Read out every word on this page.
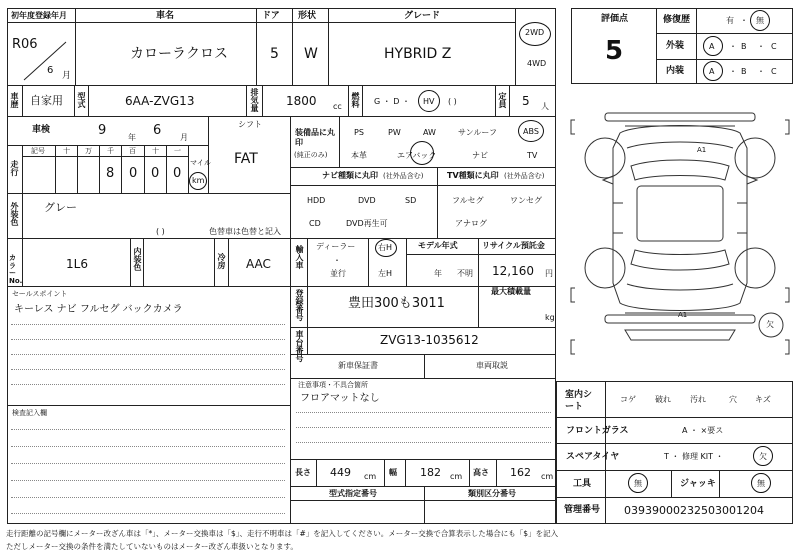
初年度登録年月	車名	ドア 形状	グレード
R06
6 月
カローラクロス	5 W	HYBRID Z
2WD
4WD
車歴 自家用 型式	6AA-ZVG13	排気量 1800 cc 燃料 G ・ D ・ HV ( )	定員 5 人
車検	9	年 6 月
シフト
FAT
走行
記号	十 万 千 百 十 一
8 0 0 0
マイル
km
装備品に丸印
(純正のみ)
PS	PW	AW	サンルーフ	ABS
本革	エアバック	ナビ	TV
ナビ種類に丸印 (社外品含む)
HDD	DVD	SD
CD	DVD再生可
TV種類に丸印 (社外品含む)
フルセグ	ワンセグ
アナログ
外装色 グレー
( )	色替車は色替と記入
輸入車 ディーラー
・
並行
右H
左H
モデル年式
年 不明
リサイクル預託金
12,160 円
カラーNo.
1L6	内装色	冷房 AAC
登録番号	豊田300も3011
最大積載量
kg
セールスポイント
キーレス ナビ フルセグ バックカメラ
車台番号	ZVG13-1035612
新車保証書	車両取説
注意事項・不具合箇所
フロアマットなし
検査記入欄
長さ 449 cm 幅 182 cm 高さ 162 cm
型式指定番号	類別区分番号
評価点
5
修復歴	有 ・ 無
外装	A	B	C
・	・
内装	A	B	C
・	・
A1
A1
欠
室内シート
コゲ 破れ 汚れ	穴 キズ
フロントガラス	A ・ ×要ス
スペアタイヤ	T ・ 修理 KIT ・	欠
工具	無	ジャッキ	無
管理番号 03939000232503001204
走行距離の記号欄にメーター改ざん車は「*」、メーター交換車は「$」、走行不明車は「#」を記入してください。メーター交換で合算表示した場合にも「$」を記入
ただしメーター交換の条件を満たしていないものはメーター改ざん車扱いとなります。
